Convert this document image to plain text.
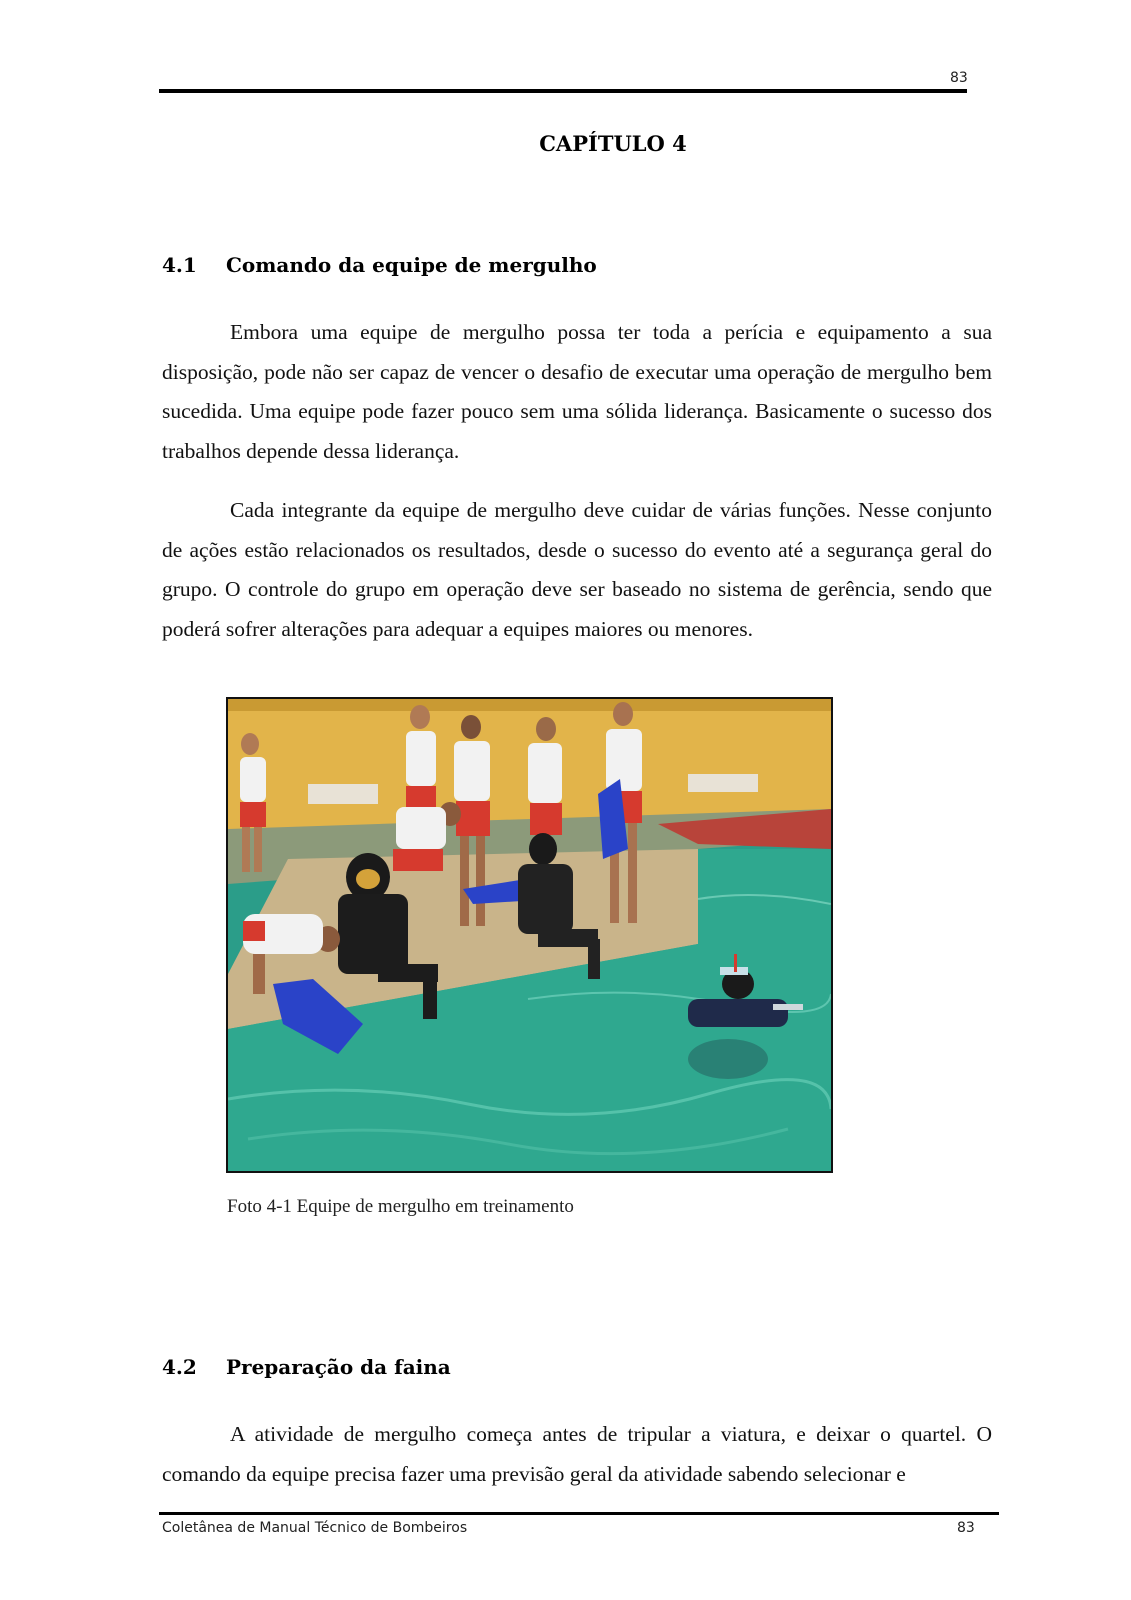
83
CAPÍTULO 4
4.1 Comando da equipe de mergulho

Embora uma equipe de mergulho possa ter toda a perícia e equipamento a sua disposição, pode não ser capaz de vencer o desafio de executar uma operação de mergulho bem sucedida. Uma equipe pode fazer pouco sem uma sólida liderança. Basicamente o sucesso dos trabalhos depende dessa liderança.

Cada integrante da equipe de mergulho deve cuidar de várias funções. Nesse conjunto de ações estão relacionados os resultados, desde o sucesso do evento até a segurança geral do grupo. O controle do grupo em operação deve ser baseado no sistema de gerência, sendo que poderá sofrer alterações para adequar a equipes maiores ou menores.

Foto 4-1 Equipe de mergulho em treinamento
4.2 Preparação da faina

A atividade de mergulho começa antes de tripular a viatura, e deixar o quartel. O comando da equipe precisa fazer uma previsão geral da atividade sabendo selecionar e

Coletânea de Manual Técnico de Bombeiros	83
